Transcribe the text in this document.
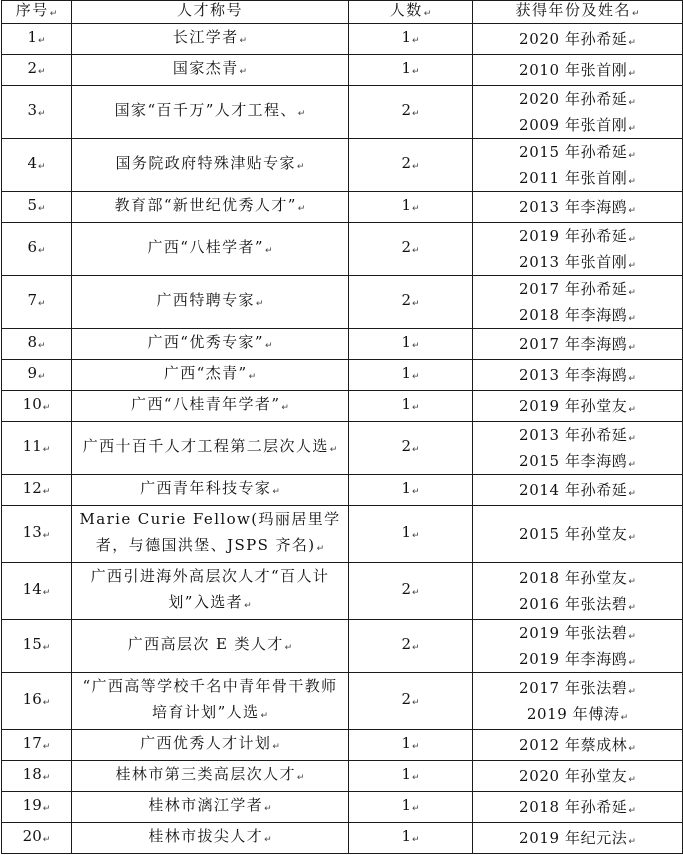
序号↵	人才称号	人数↵	获得年份及姓名↵
1↵	长江学者↵	1↵	2020 年孙希延↵

2↵	国家杰青↵	1↵	2010 年张首刚↵

3↵	国家“百千万”人才工程、↵	2↵	2020 年孙希延↵
2009 年张首刚↵

4↵	国务院政府特殊津贴专家↵	2↵	2015 年孙希延↵
2011 年张首刚↵

5↵	教育部“新世纪优秀人才”↵	1↵	2013 年李海鸥↵

6↵	广西“八桂学者”↵	2↵	2019 年孙希延↵
2013 年张首刚↵

7↵	广西特聘专家↵	2↵	2017 年孙希延↵
2018 年李海鸥↵

8↵	广西“优秀专家”↵	1↵	2017 年李海鸥↵

9↵	广西“杰青”↵	1↵	2013 年李海鸥↵

10↵	广西“八桂青年学者”↵	1↵	2019 年孙堂友↵

11↵	广西十百千人才工程第二层次人选↵	2↵	2013 年孙希延↵
2015 年李海鸥↵

12↵	广西青年科技专家↵	1↵	2014 年孙希延↵

13↵	Marie Curie Fellow(玛丽居里学者，与德国洪堡、JSPS 齐名)↵	1↵	2015 年孙堂友↵

14↵	广西引进海外高层次人才“百人计划”入选者↵	2↵	2018 年孙堂友↵
2016 年张法碧↵

15↵	广西高层次 E 类人才↵	2↵	2019 年张法碧↵
2019 年李海鸥↵

16↵	“广西高等学校千名中青年骨干教师培育计划”人选↵	2↵	2017 年张法碧↵
2019 年傅涛↵

17↵	广西优秀人才计划↵	1↵	2012 年蔡成林↵

18↵	桂林市第三类高层次人才↵	1↵	2020 年孙堂友↵

19↵	桂林市漓江学者↵	1↵	2018 年孙希延↵

20↵	桂林市拔尖人才↵	1↵	2019 年纪元法↵
